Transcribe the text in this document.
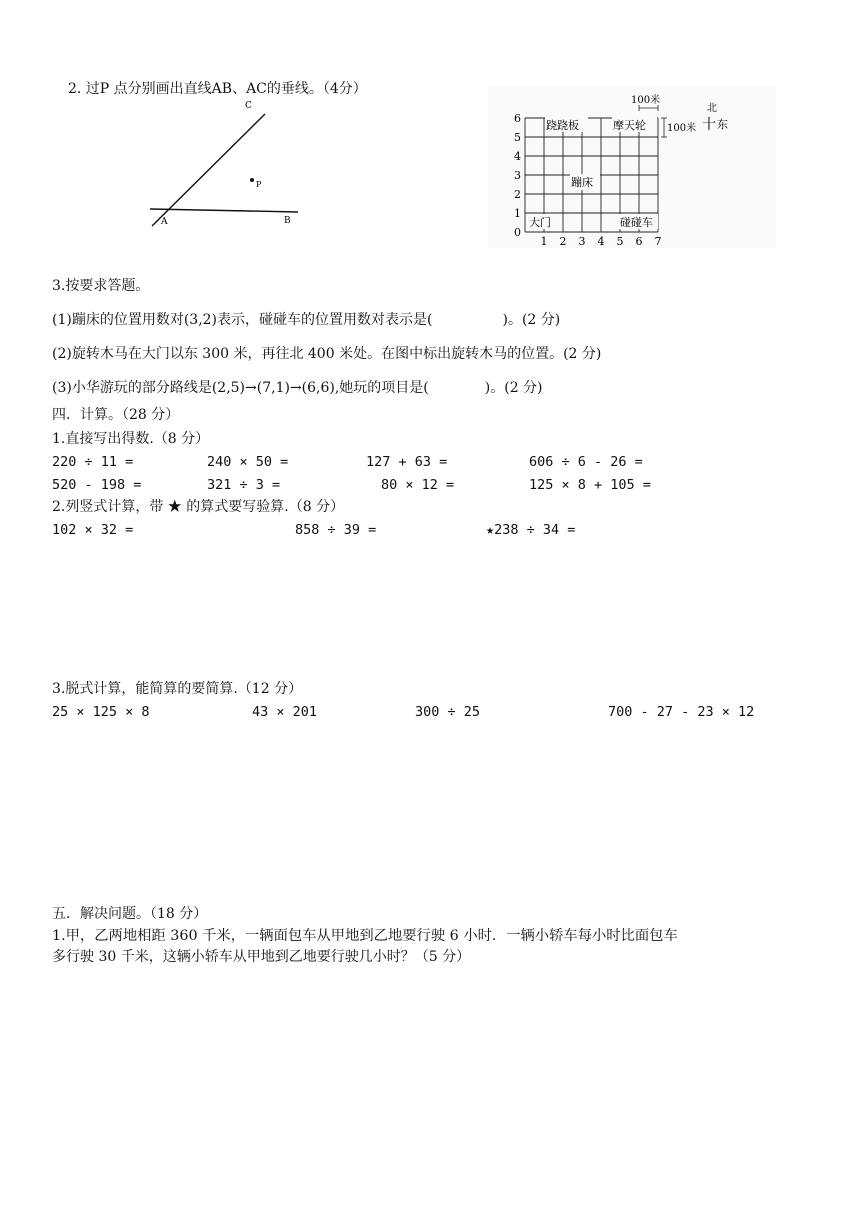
2. 过P 点分别画出直线AB、AC的垂线。（4分）
C
A	B
P
100米
100米
北
十 东
0
1
2
3
4
5
6
1 2 3 4 5 6 7
跷跷板	摩天轮
蹦床
大门	碰碰车
3.按要求答题。
(1)蹦床的位置用数对(3,2)表示，碰碰车的位置用数对表示是(　　　　　)。(2 分)
(2)旋转木马在大门以东 300 米，再往北 400 米处。在图中标出旋转木马的位置。(2 分)
(3)小华游玩的部分路线是(2,5)→(7,1)→(6,6),她玩的项目是(　　　　)。(2 分)
四．计算。（28 分）
1.直接写出得数.（8 分）
220 ÷ 11 =	240 × 50 =	127 + 63 =	606 ÷ 6 - 26 =
520 - 198 =	321 ÷ 3 =	80 × 12 =	125 × 8 + 105 =
2.列竖式计算，带 ★ 的算式要写验算.（8 分）
102 × 32 =	858 ÷ 39 =	★238 ÷ 34 =
3.脱式计算，能简算的要简算.（12 分）
25 × 125 × 8	43 × 201	300 ÷ 25	700 - 27 - 23 × 12
五．解决问题。（18 分）
1.甲，乙两地相距 360 千米，一辆面包车从甲地到乙地要行驶 6 小时．一辆小轿车每小时比面包车
多行驶 30 千米，这辆小轿车从甲地到乙地要行驶几小时？（5 分）
